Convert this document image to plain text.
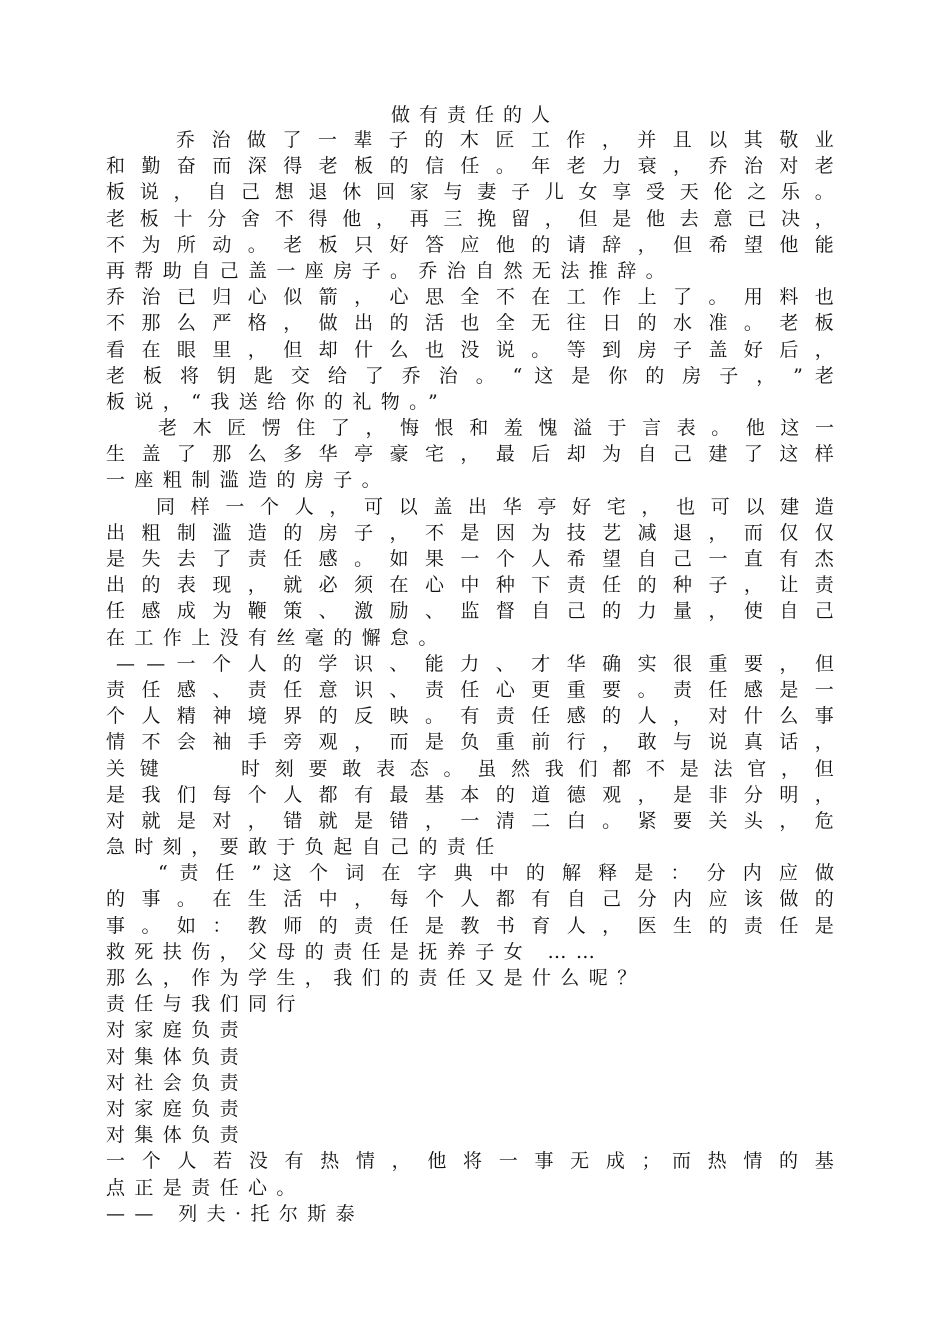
做有责任的人
乔 治 做 了 一 辈 子 的 木 匠 工 作 ， 并 且 以 其 敬 业
和 勤 奋 而 深 得 老 板 的 信 任 。 年 老 力 衰 ， 乔 治 对 老
板 说 ， 自 己 想 退 休 回 家 与 妻 子 儿 女 享 受 天 伦 之 乐 。
老 板 十 分 舍 不 得 他 ， 再 三 挽 留 ， 但 是 他 去 意 已 决 ，
不 为 所 动 。 老 板 只 好 答 应 他 的 请 辞 ， 但 希 望 他 能
再帮助自己盖一座房子。乔治自然无法推辞。
乔 治 已 归 心 似 箭 ， 心 思 全 不 在 工 作 上 了 。 用 料 也
不 那 么 严 格 ， 做 出 的 活 也 全 无 往 日 的 水 准 。 老 板
看 在 眼 里 ， 但 却 什 么 也 没 说 。 等 到 房 子 盖 好 后 ，
老 板 将 钥 匙 交 给 了 乔 治 。 “ 这 是 你 的 房 子 ， ” 老
板说，“我送给你的礼物。”
老 木 匠 愣 住 了 ， 悔 恨 和 羞 愧 溢 于 言 表 。 他 这 一
生 盖 了 那 么 多 华 亭 豪 宅 ， 最 后 却 为 自 己 建 了 这 样
一座粗制滥造的房子。
同 样 一 个 人 ， 可 以 盖 出 华 亭 好 宅 ， 也 可 以 建 造
出 粗 制 滥 造 的 房 子 ， 不 是 因 为 技 艺 减 退 ， 而 仅 仅
是 失 去 了 责 任 感 。 如 果 一 个 人 希 望 自 己 一 直 有 杰
出 的 表 现 ， 就 必 须 在 心 中 种 下 责 任 的 种 子 ， 让 责
任 感 成 为 鞭 策 、 激 励 、 监 督 自 己 的 力 量 ， 使 自 己
在工作上没有丝毫的懈怠。
— — 一 个 人 的 学 识 、 能 力 、 才 华 确 实 很 重 要 ， 但
责 任 感 、 责 任 意 识 、 责 任 心 更 重 要 。 责 任 感 是 一
个 人 精 神 境 界 的 反 映 。 有 责 任 感 的 人 ， 对 什 么 事
情 不 会 袖 手 旁 观 ， 而 是 负 重 前 行 ， 敢 与 说 真 话 ，
关 键 　 　	时 刻 要 敢 表 态 。 虽 然 我 们 都 不 是 法 官 ， 但
是 我 们 每 个 人 都 有 最 基 本 的 道 德 观 ， 是 非 分 明 ，
对 就 是 对 ， 错 就 是 错 ， 一 清 二 白 。 紧 要 关 头 ， 危
急时刻，要敢于负起自己的责任
“ 责 任 ” 这 个 词 在 字 典 中 的 解 释 是 ： 分 内 应 做
的 事 。 在 生 活 中 ， 每 个 人 都 有 自 己 分 内 应 该 做 的
事 。 如 ： 教 师 的 责 任 是 教 书 育 人 ， 医 生 的 责 任 是
救死扶伤，父母的责任是抚养子女 ……
那么，作为学生，我们的责任又是什么呢？
责任与我们同行
对家庭负责
对集体负责
对社会负责
对家庭负责
对集体负责
一 个 人 若 没 有 热 情 ， 他 将 一 事 无 成 ； 而 热 情 的 基
点正是责任心。
—— 列夫·托尔斯泰
